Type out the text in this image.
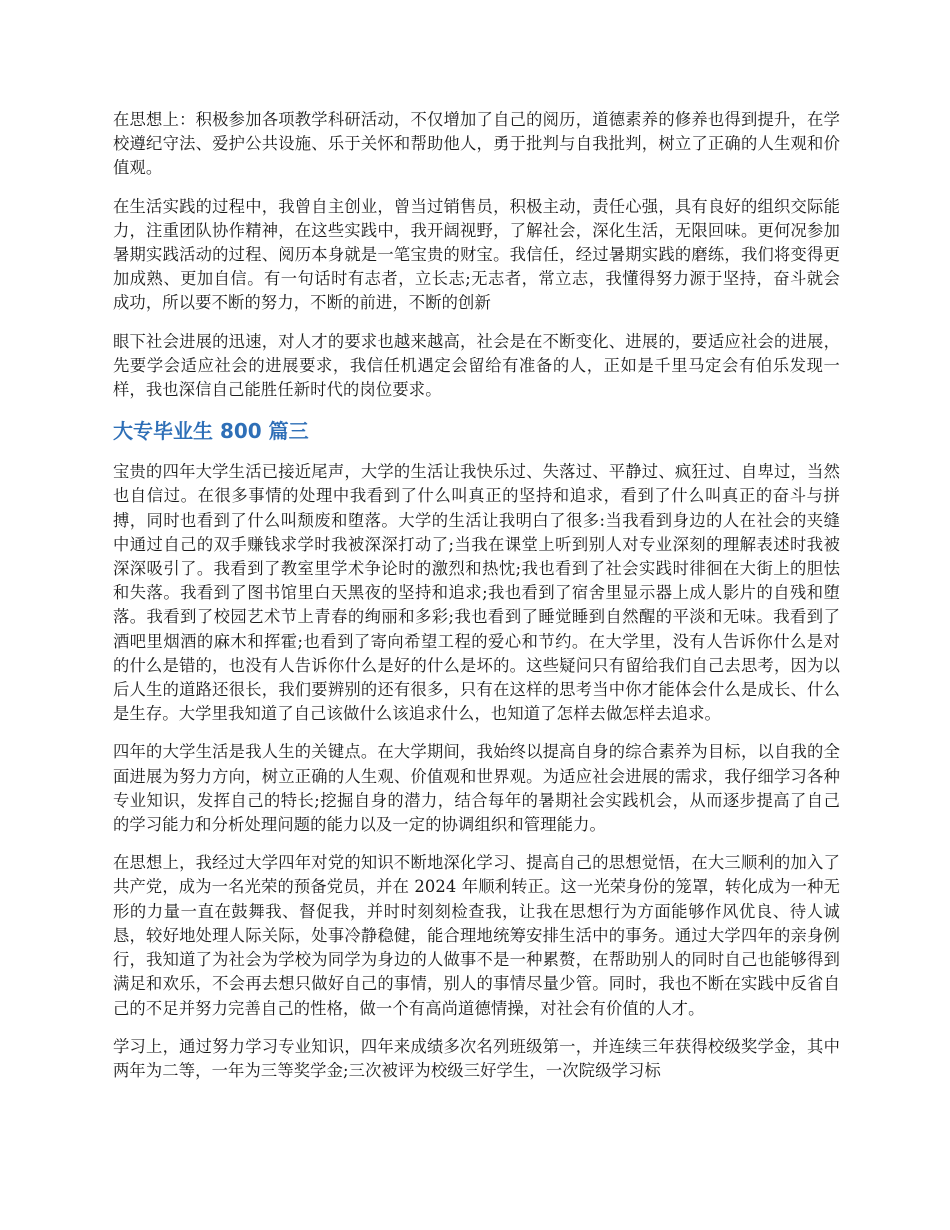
在思想上：积极参加各项教学科研活动，不仅增加了自己的阅历，道德素养的修养也得到提升，在学校遵纪守法、爱护公共设施、乐于关怀和帮助他人，勇于批判与自我批判，树立了正确的人生观和价值观。

在生活实践的过程中，我曾自主创业，曾当过销售员，积极主动，责任心强，具有良好的组织交际能力，注重团队协作精神，在这些实践中，我开阔视野，了解社会，深化生活，无限回味。更何况参加暑期实践活动的过程、阅历本身就是一笔宝贵的财宝。我信任，经过暑期实践的磨练，我们将变得更加成熟、更加自信。有一句话时有志者，立长志;无志者，常立志，我懂得努力源于坚持，奋斗就会成功，所以要不断的努力，不断的前进，不断的创新

眼下社会进展的迅速，对人才的要求也越来越高，社会是在不断变化、进展的，要适应社会的进展，先要学会适应社会的进展要求，我信任机遇定会留给有准备的人，正如是千里马定会有伯乐发现一样，我也深信自己能胜任新时代的岗位要求。

大专毕业生 800 篇三

宝贵的四年大学生活已接近尾声，大学的生活让我快乐过、失落过、平静过、疯狂过、自卑过，当然也自信过。在很多事情的处理中我看到了什么叫真正的坚持和追求，看到了什么叫真正的奋斗与拼搏，同时也看到了什么叫颓废和堕落。大学的生活让我明白了很多:当我看到身边的人在社会的夹缝中通过自己的双手赚钱求学时我被深深打动了;当我在课堂上听到别人对专业深刻的理解表述时我被深深吸引了。我看到了教室里学术争论时的激烈和热忱;我也看到了社会实践时徘徊在大街上的胆怯和失落。我看到了图书馆里白天黑夜的坚持和追求;我也看到了宿舍里显示器上成人影片的自残和堕落。我看到了校园艺术节上青春的绚丽和多彩;我也看到了睡觉睡到自然醒的平淡和无味。我看到了酒吧里烟酒的麻木和挥霍;也看到了寄向希望工程的爱心和节约。在大学里，没有人告诉你什么是对的什么是错的，也没有人告诉你什么是好的什么是坏的。这些疑问只有留给我们自己去思考，因为以后人生的道路还很长，我们要辨别的还有很多，只有在这样的思考当中你才能体会什么是成长、什么是生存。大学里我知道了自己该做什么该追求什么，也知道了怎样去做怎样去追求。

四年的大学生活是我人生的关键点。在大学期间，我始终以提高自身的综合素养为目标，以自我的全面进展为努力方向，树立正确的人生观、价值观和世界观。为适应社会进展的需求，我仔细学习各种专业知识，发挥自己的特长;挖掘自身的潜力，结合每年的暑期社会实践机会，从而逐步提高了自己的学习能力和分析处理问题的能力以及一定的协调组织和管理能力。

在思想上，我经过大学四年对党的知识不断地深化学习、提高自己的思想觉悟，在大三顺利的加入了共产党，成为一名光荣的预备党员，并在 2024 年顺利转正。这一光荣身份的笼罩，转化成为一种无形的力量一直在鼓舞我、督促我，并时时刻刻检查我，让我在思想行为方面能够作风优良、待人诚恳，较好地处理人际关际，处事冷静稳健，能合理地统筹安排生活中的事务。通过大学四年的亲身例行，我知道了为社会为学校为同学为身边的人做事不是一种累赘，在帮助别人的同时自己也能够得到满足和欢乐，不会再去想只做好自己的事情，别人的事情尽量少管。同时，我也不断在实践中反省自己的不足并努力完善自己的性格，做一个有高尚道德情操，对社会有价值的人才。

学习上，通过努力学习专业知识，四年来成绩多次名列班级第一，并连续三年获得校级奖学金，其中两年为二等，一年为三等奖学金;三次被评为校级三好学生，一次院级学习标
